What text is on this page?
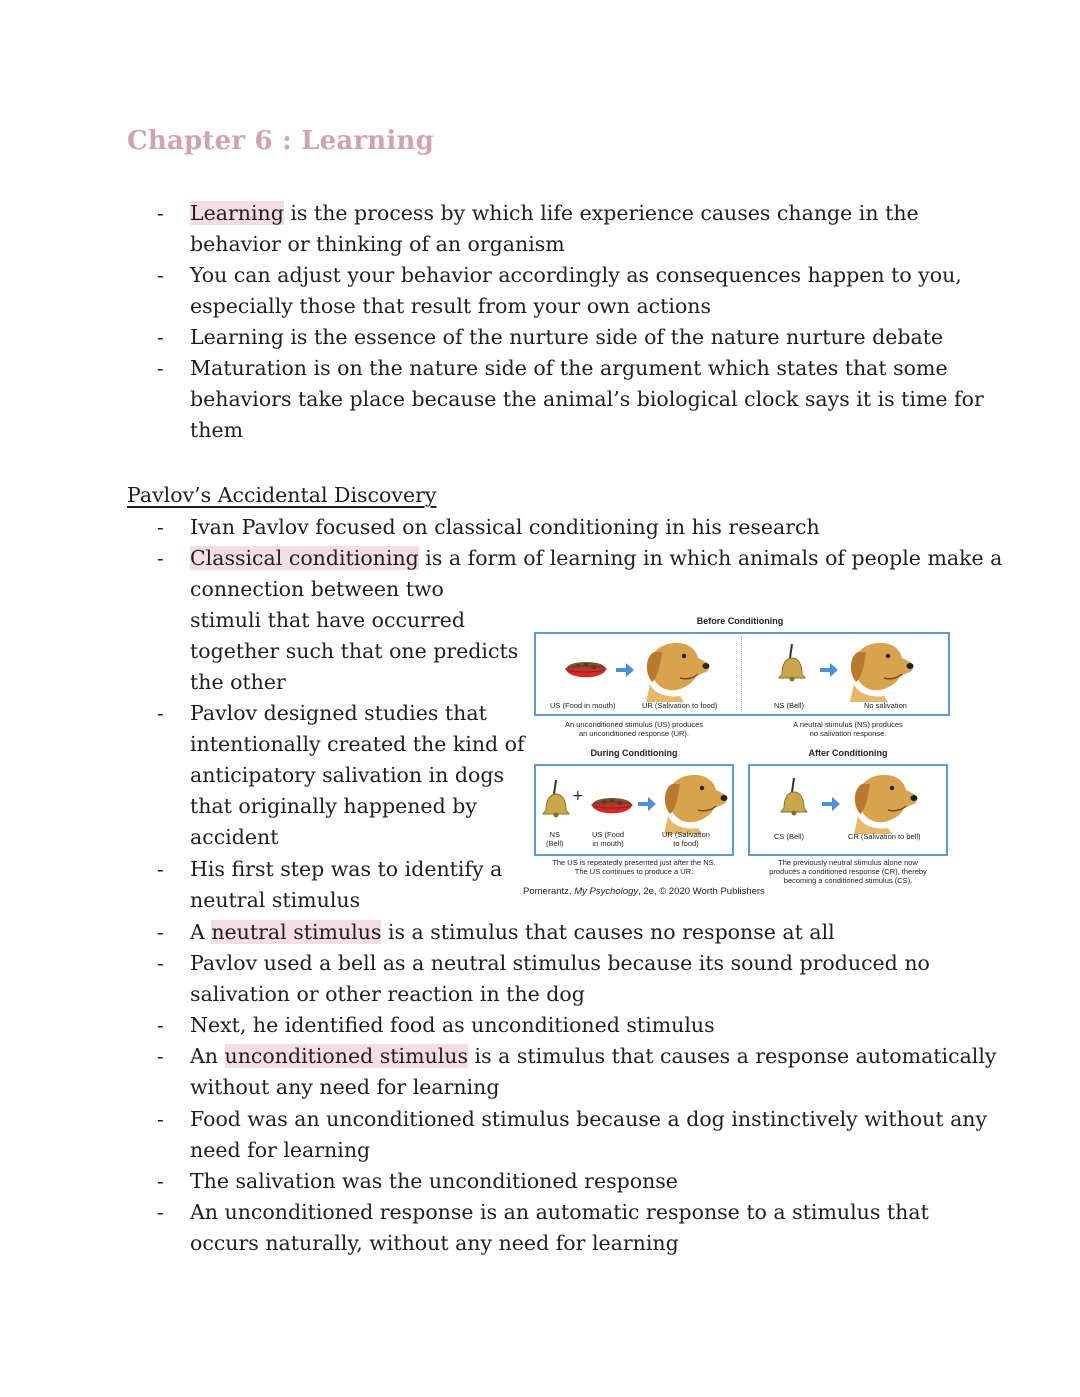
Chapter 6 : Learning
- Learning is the process by which life experience causes change in the
behavior or thinking of an organism
- You can adjust your behavior accordingly as consequences happen to you,
especially those that result from your own actions
- Learning is the essence of the nurture side of the nature nurture debate
- Maturation is on the nature side of the argument which states that some
behaviors take place because the animal’s biological clock says it is time for
them
Pavlov’s Accidental Discovery
- Ivan Pavlov focused on classical conditioning in his research
- Classical conditioning is a form of learning in which animals of people make a
connection between two
stimuli that have occurred
together such that one predicts
the other
- Pavlov designed studies that
intentionally created the kind of
anticipatory salivation in dogs
that originally happened by
accident
- His first step was to identify a
neutral stimulus
- A neutral stimulus is a stimulus that causes no response at all
- Pavlov used a bell as a neutral stimulus because its sound produced no
salivation or other reaction in the dog
- Next, he identified food as unconditioned stimulus
- An unconditioned stimulus is a stimulus that causes a response automatically
without any need for learning
- Food was an unconditioned stimulus because a dog instinctively without any
need for learning
- The salivation was the unconditioned response
- An unconditioned response is an automatic response to a stimulus that
occurs naturally, without any need for learning
Before Conditioning
US (Food in mouth)	UR (Salivation to food)	NS (Bell)	No salivation
An unconditioned stimulus (US) produces
an unconditioned response (UR).
A neutral stimulus (NS) produces
no salivation response.
During Conditioning	After Conditioning
+
NS
(Bell)
US (Food
in mouth)
UR (Salivation
to food)
CS (Bell)	CR (Salivation to bell)
The US is repeatedly presented just after the NS.
The US continues to produce a UR.
The previously neutral stimulus alone now
produces a conditioned response (CR), thereby
becoming a conditioned stimulus (CS).
Pomerantz, My Psychology, 2e, © 2020 Worth Publishers
